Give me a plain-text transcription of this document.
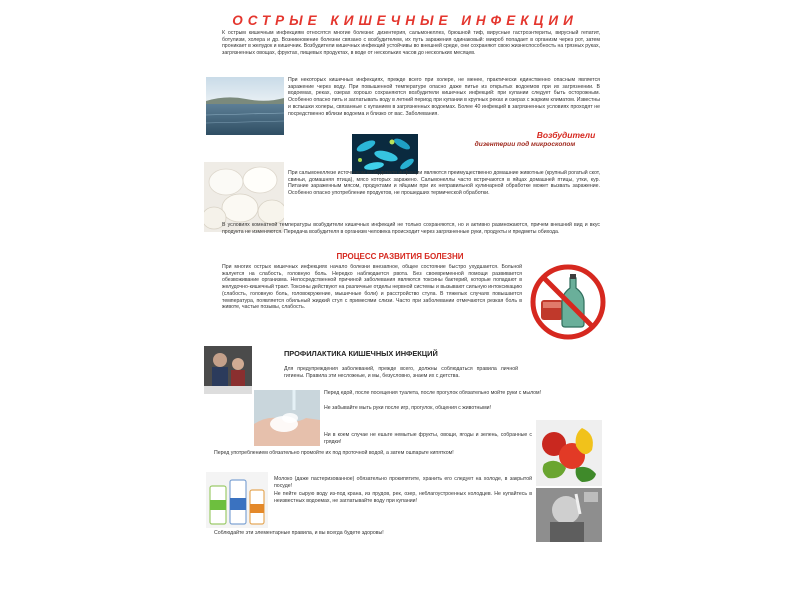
ОСТРЫЕ КИШЕЧНЫЕ ИНФЕКЦИИ
К острым кишечным инфекциям относятся многие болезни: дизентерия, сальмонеллез, брюшной тиф, вирусные гастроэнтериты, вирусный гепатит, ботулизм, холера и др. Возникновение болезни связано с возбудителем, их путь заражения одинаковый: микроб попадает в организм через рот, затем проникает в желудок и кишечник. Возбудители кишечных инфекций устойчивы во внешней среде, они сохраняют свою жизнеспособность на грязных руках, загрязненных овощах, фруктах, пищевых продуктах, в воде от нескольких часов до нескольких месяцев.
При некоторых кишечных инфекциях, прежде всего при холере, не менее, практически единственно опасным является заражение через воду. При повышенной температуре опасно даже питье из открытых водоемов при их загрязнении. В водоемах, реках, озерах хорошо сохраняются возбудители кишечных инфекций: при купании следует быть осторожным. Особенно опасно пить и заглатывать воду в летний период при купании в крупных реках и озерах с жарким климатом. Известны и вспышки холеры, связанные с купанием в загрязненных водоемах. Более 40 инфекций в загрязненных условиях проходят не посредственно вблизи водоема и близко от вас. Заболевания.
Возбудители
дизентерии под микроскопом
При сальмонеллезе источником возбудителя инфекции являются преимущественно домашние животные (крупный рогатый скот, свиньи, домашняя птица), мясо которых заражено. Сальмонеллы часто встречаются в яйцах домашней птицы, утки, кур. Питание зараженным мясом, продуктами и яйцами при их неправильной кулинарной обработке может вызвать заражение. Особенно опасно употребление продуктов, не прошедших термической обработки.
В условиях комнатной температуры возбудители кишечных инфекций не только сохраняются, но и активно размножаются, причем внешний вид и вкус продукта не изменяются. Передача возбудителя в организм человека происходит через загрязненные руки, продукты и предметы обихода.
ПРОЦЕСС РАЗВИТИЯ БОЛЕЗНИ
При многих острых кишечных инфекциях начало болезни внезапное, общее состояние быстро ухудшается. Больной жалуется на слабость, головную боль. Нередко наблюдается рвота. Без своевременной помощи развивается обезвоживание организма. Непосредственной причиной заболевания являются токсины бактерий, которые попадают в желудочно-кишечный тракт. Токсины действуют на различные отделы нервной системы и вызывают сильную интоксикацию (слабость, головную боль, головокружение, мышечные боли) и расстройство стула. В тяжелых случаях повышается температура, появляется обильный жидкий стул с примесями слизи. Часто при заболевании отмечаются резкая боль в животе, частые позывы, слабость.
ПРОФИЛАКТИКА КИШЕЧНЫХ ИНФЕКЦИЙ
Для предупреждения заболеваний, прежде всего, должны соблюдаться правила личной гигиены. Правила эти несложные, и мы, безусловно, знаем их с детства.
Перед едой, после посещения туалета, после прогулок обязательно мойте руки с мылом!
Не забывайте мыть руки после игр, прогулок, общения с животными!
Ни в коем случае не ешьте немытые фрукты, овощи, ягоды и зелень, собранные с грядки!
Перед употреблением обязательно промойте их под проточной водой, а затем ошпарьте кипятком!
Молоко (даже пастеризованное) обязательно прокипятите, хранить его следует на холоде, в закрытой посуде!
Не пейте сырую воду из-под крана, из прудов, рек, озер, неблагоустроенных колодцев. Не купайтесь в неизвестных водоемах, не заглатывайте воду при купании!
Соблюдайте эти элементарные правила, и вы всегда будете здоровы!
